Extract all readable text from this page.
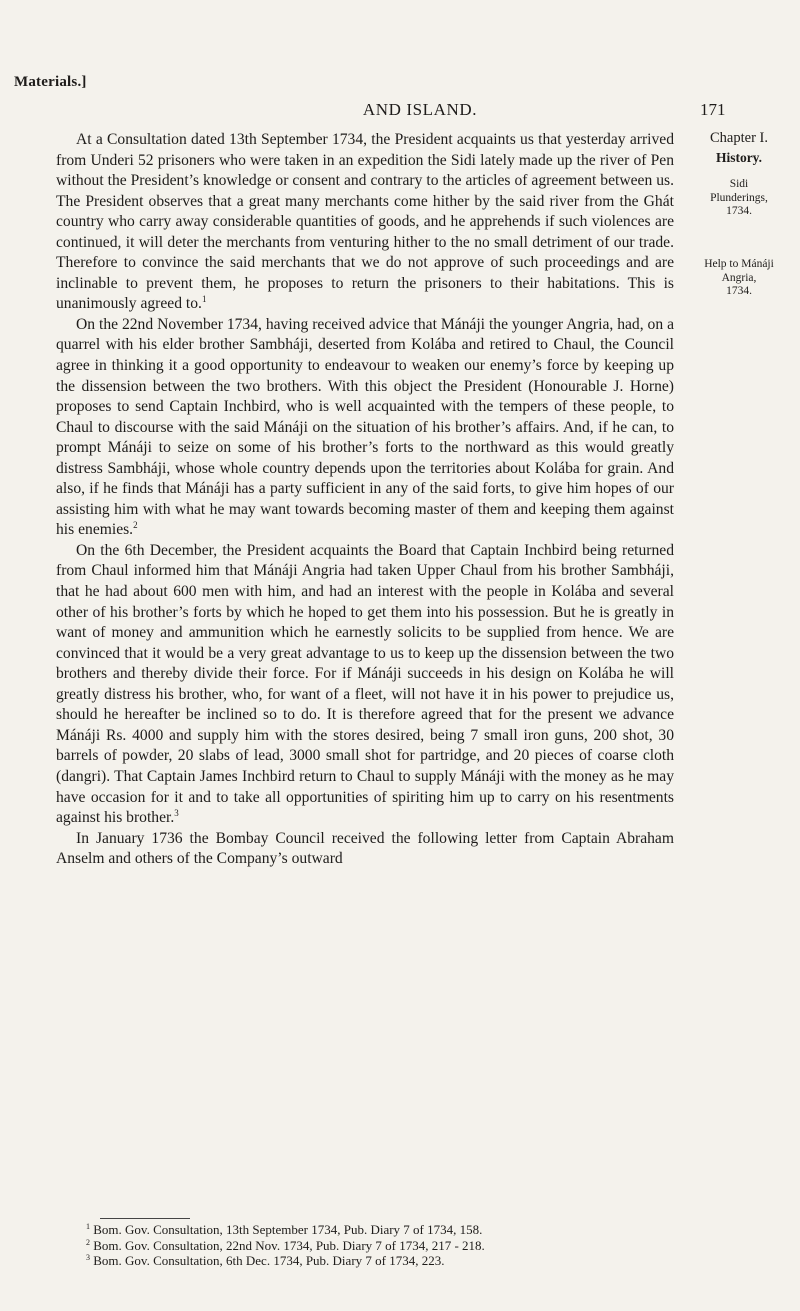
Materials.]
AND ISLAND.	171
Chapter I.
History.
Sidi
Plunderings,
1734.
Help to Mánáji
Angria,
1734.

At a Consultation dated 13th September 1734, the President acquaints us that yesterday arrived from Underi 52 prisoners who were taken in an expedition the Sidi lately made up the river of Pen without the President’s knowledge or consent and contrary to the articles of agreement between us. The President observes that a great many merchants come hither by the said river from the Ghát country who carry away considerable quantities of goods, and he apprehends if such violences are continued, it will deter the merchants from venturing hither to the no small detriment of our trade. Therefore to convince the said merchants that we do not approve of such proceedings and are inclinable to prevent them, he proposes to return the prisoners to their habitations. This is unanimously agreed to.$^1$

On the 22nd November 1734, having received advice that Mánáji the younger Angria, had, on a quarrel with his elder brother Sambháji, deserted from Kolába and retired to Chaul, the Council agree in thinking it a good opportunity to endeavour to weaken our enemy’s force by keeping up the dissension between the two brothers. With this object the President (Honourable J. Horne) proposes to send Captain Inchbird, who is well acquainted with the tempers of these people, to Chaul to discourse with the said Mánáji on the situation of his brother’s affairs. And, if he can, to prompt Mánáji to seize on some of his brother’s forts to the northward as this would greatly distress Sambháji, whose whole country depends upon the territories about Kolába for grain. And also, if he finds that Mánáji has a party sufficient in any of the said forts, to give him hopes of our assisting him with what he may want towards becoming master of them and keeping them against his enemies.$^2$

On the 6th December, the President acquaints the Board that Captain Inchbird being returned from Chaul informed him that Mánáji Angria had taken Upper Chaul from his brother Sambháji, that he had about 600 men with him, and had an interest with the people in Kolába and several other of his brother’s forts by which he hoped to get them into his possession. But he is greatly in want of money and ammunition which he earnestly solicits to be supplied from hence. We are convinced that it would be a very great advantage to us to keep up the dissension between the two brothers and thereby divide their force. For if Mánáji succeeds in his design on Kolába he will greatly distress his brother, who, for want of a fleet, will not have it in his power to prejudice us, should he hereafter be inclined so to do. It is therefore agreed that for the present we advance Mánáji Rs. 4000 and supply him with the stores desired, being 7 small iron guns, 200 shot, 30 barrels of powder, 20 slabs of lead, 3000 small shot for partridge, and 20 pieces of coarse cloth (dangri). That Captain James Inchbird return to Chaul to supply Mánáji with the money as he may have occasion for it and to take all opportunities of spiriting him up to carry on his resentments against his brother.$^3$

In January 1736 the Bombay Council received the following letter from Captain Abraham Anselm and others of the Company’s outward

$^1$ Bom. Gov. Consultation, 13th September 1734, Pub. Diary 7 of 1734, 158.
$^2$ Bom. Gov. Consultation, 22nd Nov. 1734, Pub. Diary 7 of 1734, 217 - 218.
$^3$ Bom. Gov. Consultation, 6th Dec. 1734, Pub. Diary 7 of 1734, 223.
